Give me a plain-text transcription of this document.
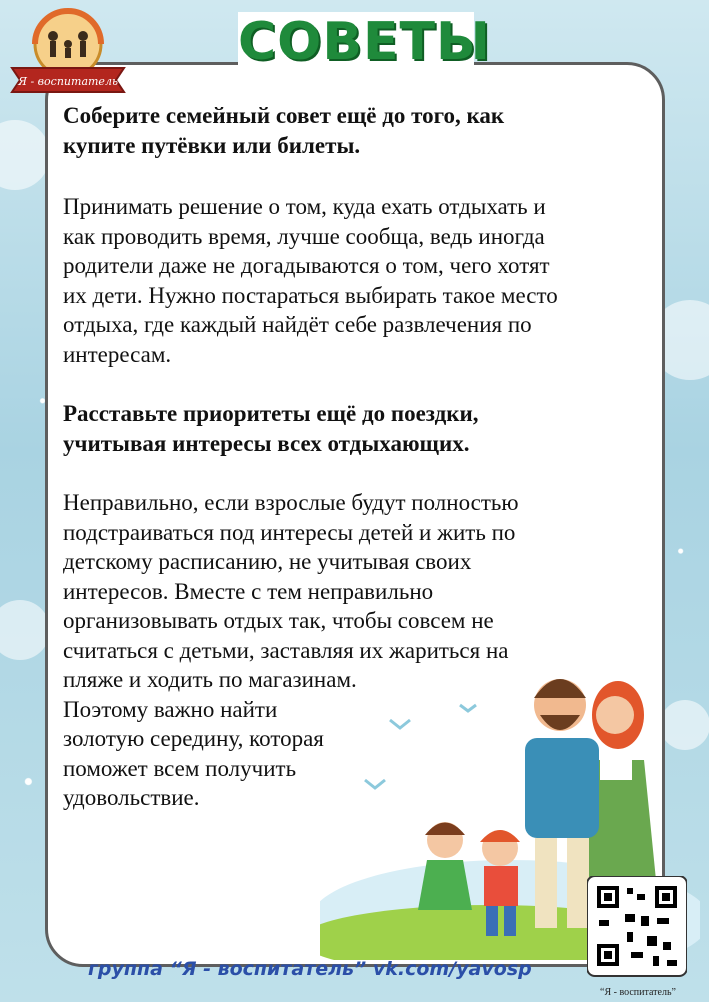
Я - воспитатель
СОВЕТЫ

Соберите семейный совет ещё до того, как
купите путёвки или билеты.

Принимать решение о том, куда ехать отдыхать и
как проводить время, лучше сообща, ведь иногда
родители даже не догадываются о том, чего хотят
их дети. Нужно постараться выбирать такое место
отдыха, где каждый найдёт себе развлечения по
интересам.

Расставьте приоритеты ещё до поездки,
учитывая интересы всех отдыхающих.

Неправильно, если взрослые будут полностью
подстраиваться под интересы детей и жить по
детскому расписанию, не учитывая своих
интересов. Вместе с тем неправильно
организовывать отдых так, чтобы совсем не
считаться с детьми, заставляя их жариться на
пляже и ходить по магазинам.
Поэтому важно найти
золотую середину, которая
поможет всем получить
удовольствие.

группа “Я - воспитатель” vk.com/yavosp
“Я - воспитатель”
